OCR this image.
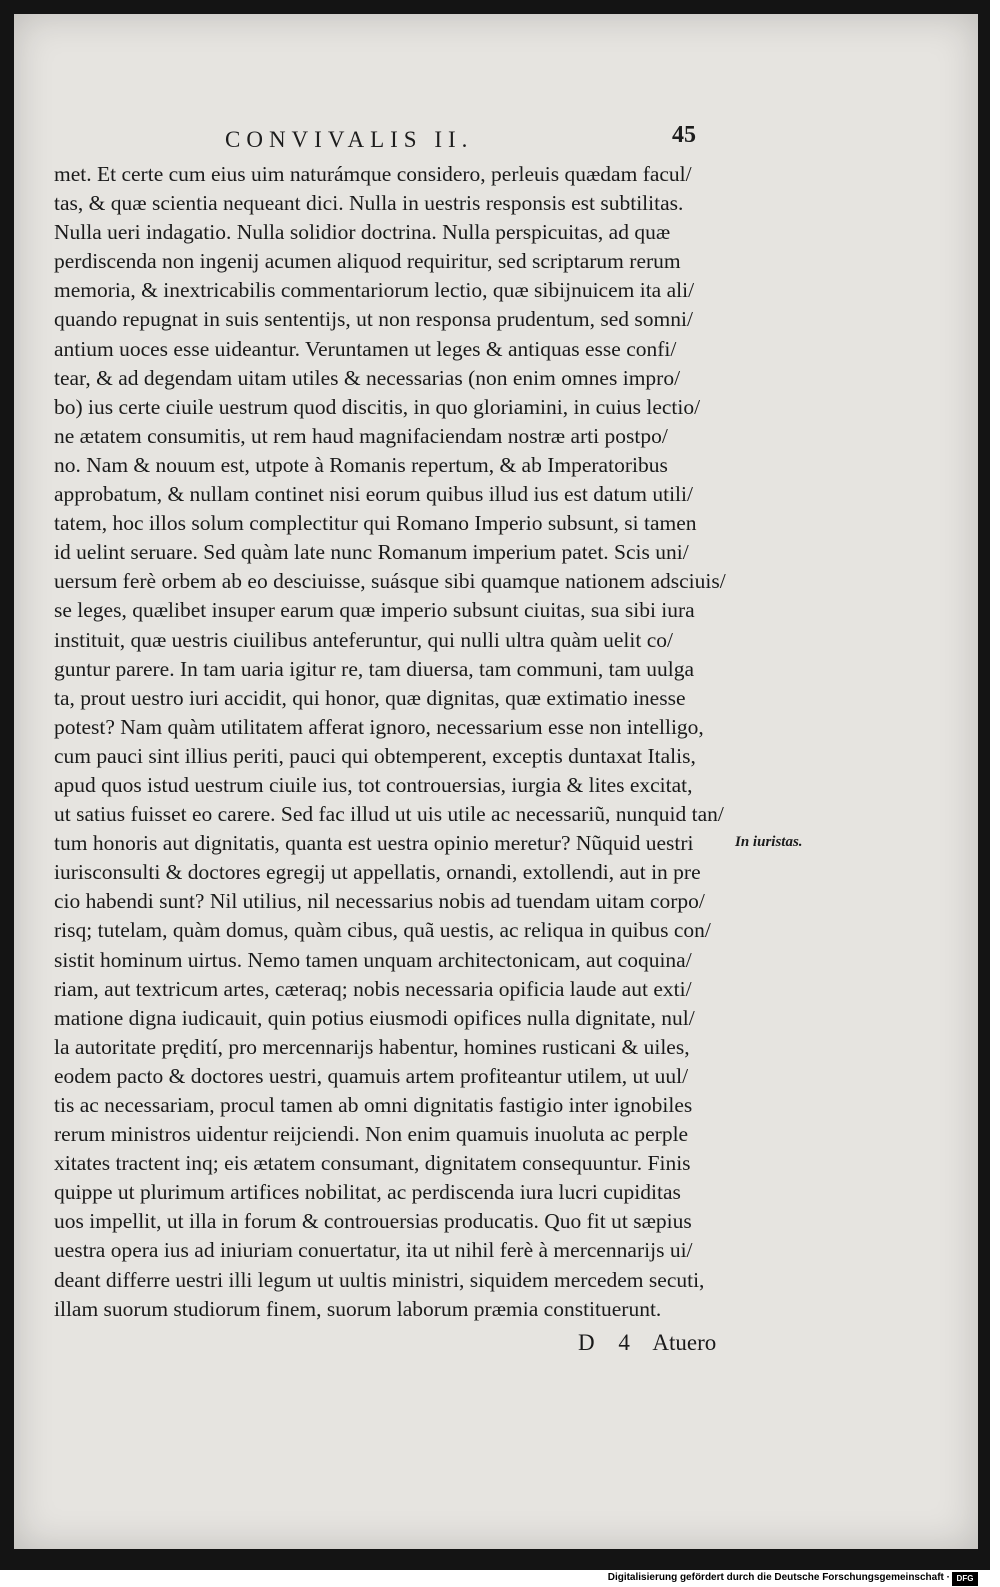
CONVIVALIS II.	45
met. Et certe cum eius uim naturámque considero, perleuis quædam facul/
tas, & quæ scientia nequeant dici. Nulla in uestris responsis est subtilitas.
Nulla ueri indagatio. Nulla solidior doctrina. Nulla perspicuitas, ad quæ
perdiscenda non ingenij acumen aliquod requiritur, sed scriptarum rerum
memoria, & inextricabilis commentariorum lectio, quæ sibijnuicem ita ali/
quando repugnat in suis sententijs, ut non responsa prudentum, sed somni/
antium uoces esse uideantur. Veruntamen ut leges & antiquas esse confi/
tear, & ad degendam uitam utiles & necessarias (non enim omnes impro/
bo) ius certe ciuile uestrum quod discitis, in quo gloriamini, in cuius lectio/
ne ætatem consumitis, ut rem haud magnifaciendam nostræ arti postpo/
no. Nam & nouum est, utpote à Romanis repertum, & ab Imperatoribus
approbatum, & nullam continet nisi eorum quibus illud ius est datum utili/
tatem, hoc illos solum complectitur qui Romano Imperio subsunt, si tamen
id uelint seruare. Sed quàm late nunc Romanum imperium patet. Scis uni/
uersum ferè orbem ab eo desciuisse, suásque sibi quamque nationem adsciuis/
se leges, quælibet insuper earum quæ imperio subsunt ciuitas, sua sibi iura
instituit, quæ uestris ciuilibus anteferuntur, qui nulli ultra quàm uelit co/
guntur parere. In tam uaria igitur re, tam diuersa, tam communi, tam uulga
ta, prout uestro iuri accidit, qui honor, quæ dignitas, quæ extimatio inesse
potest? Nam quàm utilitatem afferat ignoro, necessarium esse non intelligo,
cum pauci sint illius periti, pauci qui obtemperent, exceptis duntaxat Italis,
apud quos istud uestrum ciuile ius, tot controuersias, iurgia & lites excitat,
ut satius fuisset eo carere. Sed fac illud ut uis utile ac necessariũ, nunquid tan/
tum honoris aut dignitatis, quanta est uestra opinio meretur? Nũquid uestri
iurisconsulti & doctores egregij ut appellatis, ornandi, extollendi, aut in pre
cio habendi sunt? Nil utilius, nil necessarius nobis ad tuendam uitam corpo/
risq; tutelam, quàm domus, quàm cibus, quã uestis, ac reliqua in quibus con/
sistit hominum uirtus. Nemo tamen unquam architectonicam, aut coquina/
riam, aut textricum artes, cæteraq; nobis necessaria opificia laude aut exti/
matione digna iudicauit, quin potius eiusmodi opifices nulla dignitate, nul/
la autoritate prędití, pro mercennarijs habentur, homines rusticani & uiles,
eodem pacto & doctores uestri, quamuis artem profiteantur utilem, ut uul/
tis ac necessariam, procul tamen ab omni dignitatis fastigio inter ignobiles
rerum ministros uidentur reijciendi. Non enim quamuis inuoluta ac perple
xitates tractent inq; eis ætatem consumant, dignitatem consequuntur. Finis
quippe ut plurimum artifices nobilitat, ac perdiscenda iura lucri cupiditas
uos impellit, ut illa in forum & controuersias producatis. Quo fit ut sæpius
uestra opera ius ad iniuriam conuertatur, ita ut nihil ferè à mercennarijs ui/
deant differre uestri illi legum ut uultis ministri, siquidem mercedem secuti,
illam suorum studiorum finem, suorum laborum præmia constituerunt.
In iuristas.
D 4 Atuero
Digitalisierung gefördert durch die Deutsche Forschungsgemeinschaft · DFG
